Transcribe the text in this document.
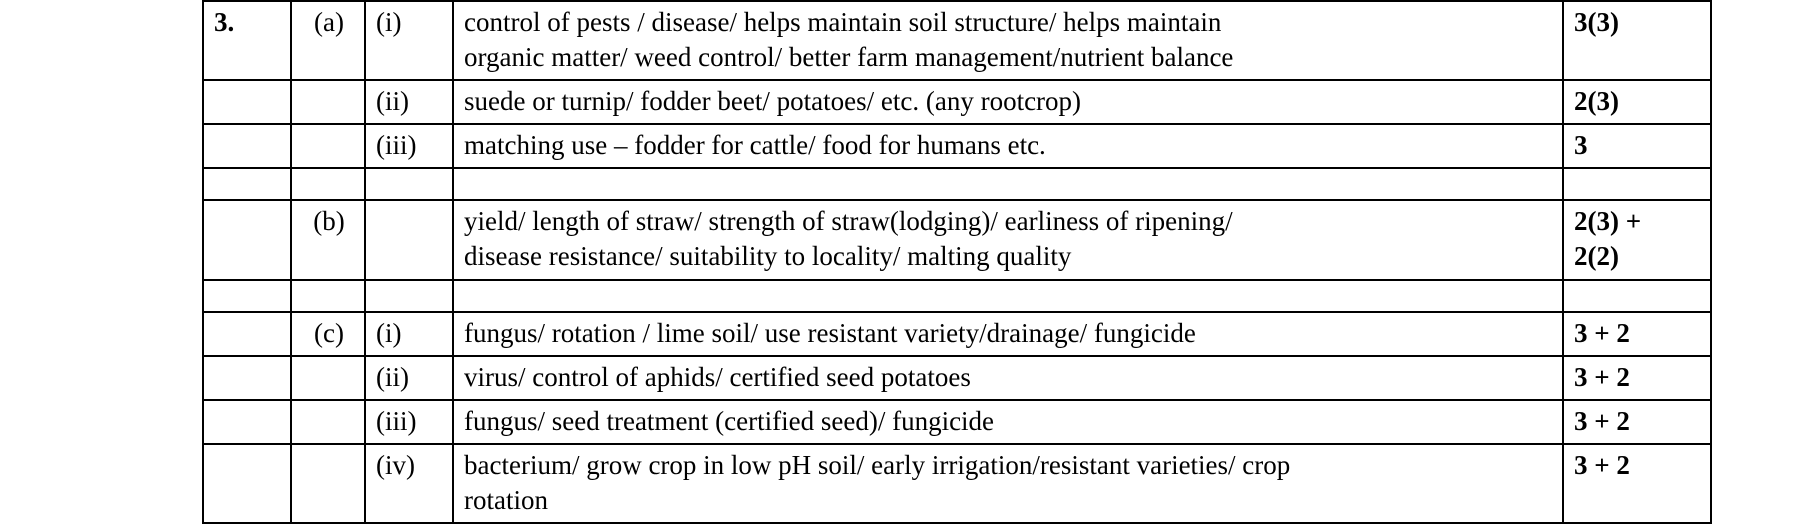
3.	(a)	(i)	control of pests / disease/ helps maintain soil structure/ helps maintain
organic matter/ weed control/ better farm management/nutrient balance	3(3)
		(ii)	suede or turnip/ fodder beet/ potatoes/ etc. (any rootcrop)	2(3)
		(iii)	matching use – fodder for cattle/ food for humans etc.	3

	(b)		yield/ length of straw/ strength of straw(lodging)/ earliness of ripening/
disease resistance/ suitability to locality/ malting quality	2(3) +
2(2)

	(c)	(i)	fungus/ rotation / lime soil/ use resistant variety/drainage/ fungicide	3 + 2
		(ii)	virus/ control of aphids/ certified seed potatoes	3 + 2
		(iii)	fungus/ seed treatment (certified seed)/ fungicide	3 + 2
		(iv)	bacterium/ grow crop in low pH soil/ early irrigation/resistant varieties/ crop
rotation	3 + 2
